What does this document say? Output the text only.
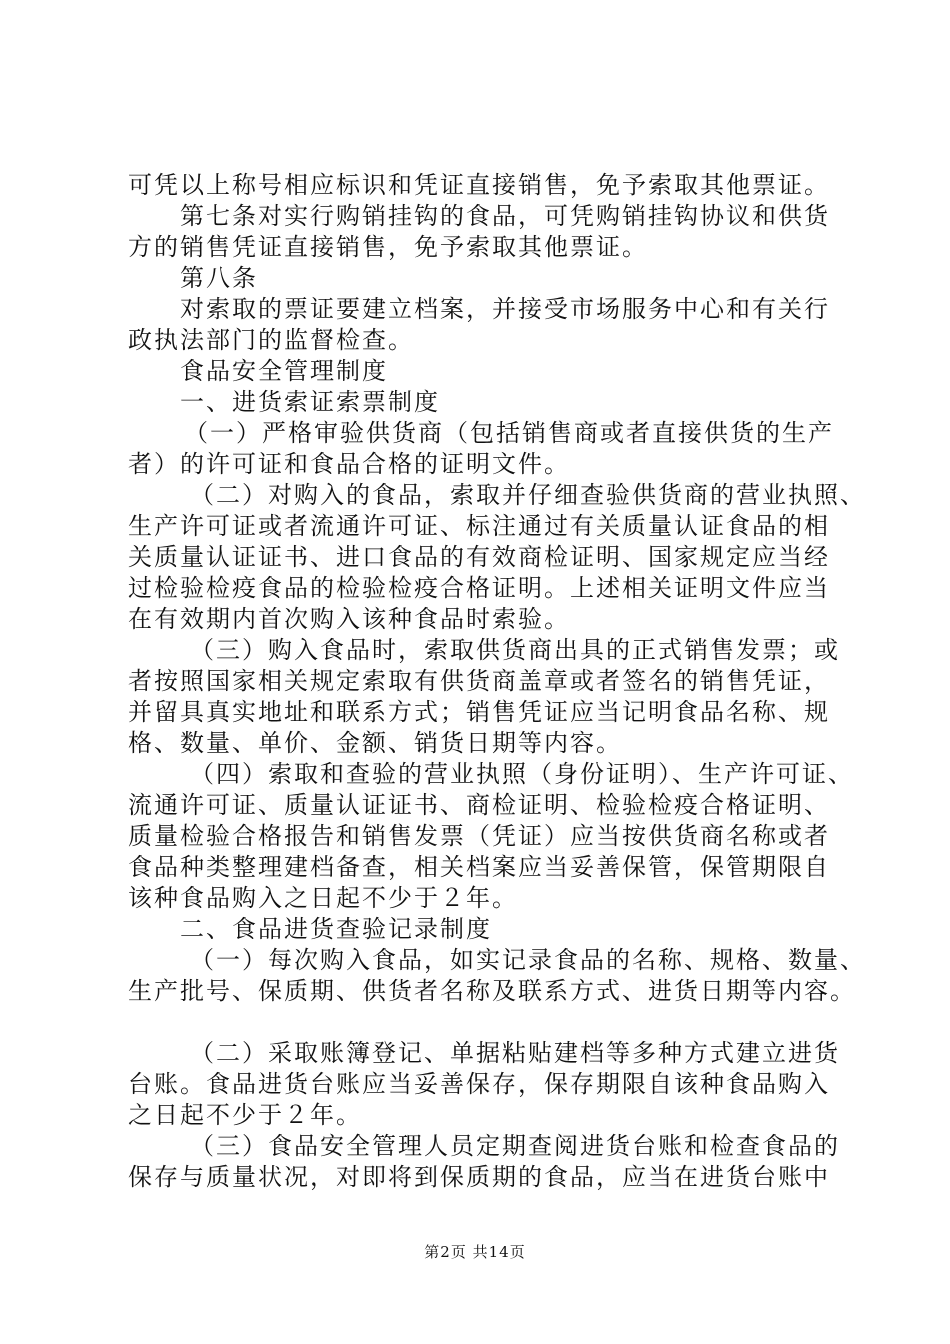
可凭以上称号相应标识和凭证直接销售，免予索取其他票证。
第七条对实行购销挂钩的食品，可凭购销挂钩协议和供货
方的销售凭证直接销售，免予索取其他票证。
第八条
对索取的票证要建立档案，并接受市场服务中心和有关行
政执法部门的监督检查。
食品安全管理制度
一、进货索证索票制度
（一）严格审验供货商（包括销售商或者直接供货的生产
者）的许可证和食品合格的证明文件。
（二）对购入的食品，索取并仔细查验供货商的营业执照、
生产许可证或者流通许可证、标注通过有关质量认证食品的相
关质量认证证书、进口食品的有效商检证明、国家规定应当经
过检验检疫食品的检验检疫合格证明。上述相关证明文件应当
在有效期内首次购入该种食品时索验。
（三）购入食品时，索取供货商出具的正式销售发票；或
者按照国家相关规定索取有供货商盖章或者签名的销售凭证，
并留具真实地址和联系方式；销售凭证应当记明食品名称、规
格、数量、单价、金额、销货日期等内容。
（四）索取和查验的营业执照（身份证明）、生产许可证、
流通许可证、质量认证证书、商检证明、检验检疫合格证明、
质量检验合格报告和销售发票（凭证）应当按供货商名称或者
食品种类整理建档备查，相关档案应当妥善保管，保管期限自
该种食品购入之日起不少于２年。
二、食品进货查验记录制度
（一）每次购入食品，如实记录食品的名称、规格、数量、
生产批号、保质期、供货者名称及联系方式、进货日期等内容。
（二）采取账簿登记、单据粘贴建档等多种方式建立进货
台账。食品进货台账应当妥善保存，保存期限自该种食品购入
之日起不少于２年。
（三）食品安全管理人员定期查阅进货台账和检查食品的
保存与质量状况，对即将到保质期的食品，应当在进货台账中
第2页 共14页
